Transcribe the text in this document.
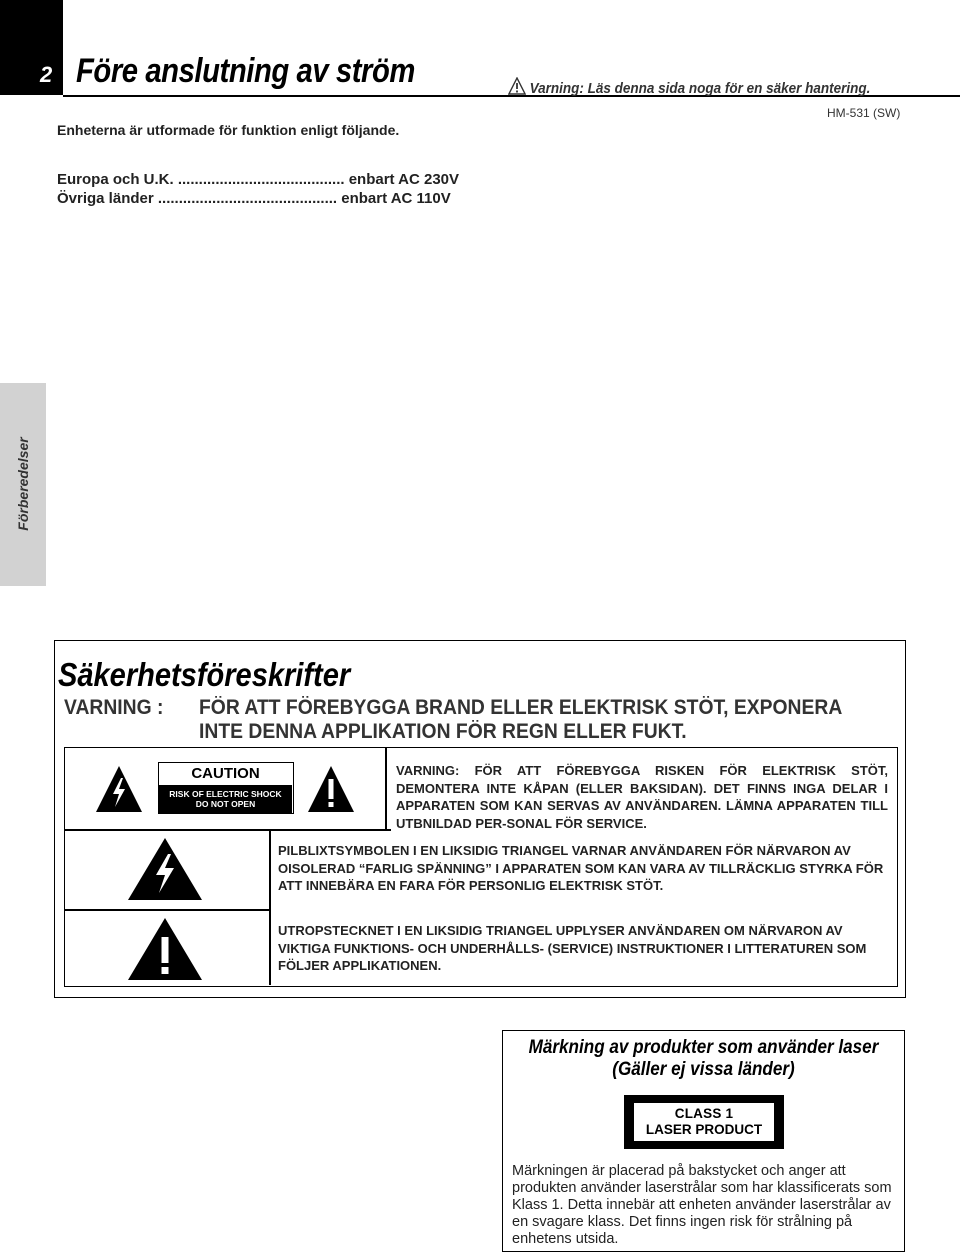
2 Före anslutning av ström	Varning: Läs denna sida noga för en säker hantering.
HM-531 (SW)
Enheterna är utformade för funktion enligt följande.
Europa och U.K. ........................................ enbart AC 230V
Övriga länder ........................................... enbart AC 110V
Förberedelser
Säkerhetsföreskrifter
VARNING : FÖR ATT FÖREBYGGA BRAND ELLER ELEKTRISK STÖT, EXPONERA
INTE DENNA APPLIKATION FÖR REGN ELLER FUKT.
CAUTION
RISK OF ELECTRIC SHOCK
DO NOT OPEN
VARNING: FÖR ATT FÖREBYGGA RISKEN FÖR ELEKTRISK STÖT, DEMONTERA INTE KÅPAN (ELLER BAKSIDAN). DET FINNS INGA DELAR I APPARATEN SOM KAN SERVAS AV ANVÄNDAREN. LÄMNA APPARATEN TILL UTBNILDAD PER-SONAL FÖR SERVICE.
PILBLIXTSYMBOLEN I EN LIKSIDIG TRIANGEL VARNAR ANVÄNDAREN FÖR NÄRVARON AV OISOLERAD “FARLIG SPÄNNING” I APPARATEN SOM KAN VARA AV TILLRÄCKLIG STYRKA FÖR ATT INNEBÄRA EN FARA FÖR PERSONLIG ELEKTRISK STÖT.
UTROPSTECKNET I EN LIKSIDIG TRIANGEL UPPLYSER ANVÄNDAREN OM NÄRVARON AV VIKTIGA FUNKTIONS- OCH UNDERHÅLLS- (SERVICE) INSTRUKTIONER I LITTERATUREN SOM FÖLJER APPLIKATIONEN.
Märkning av produkter som använder laser
(Gäller ej vissa länder)
CLASS 1
LASER PRODUCT
Märkningen är placerad på bakstycket och anger att produkten använder laserstrålar som har klassificerats som Klass 1. Detta innebär att enheten använder laserstrålar av en svagare klass. Det finns ingen risk för strålning på enhetens utsida.
